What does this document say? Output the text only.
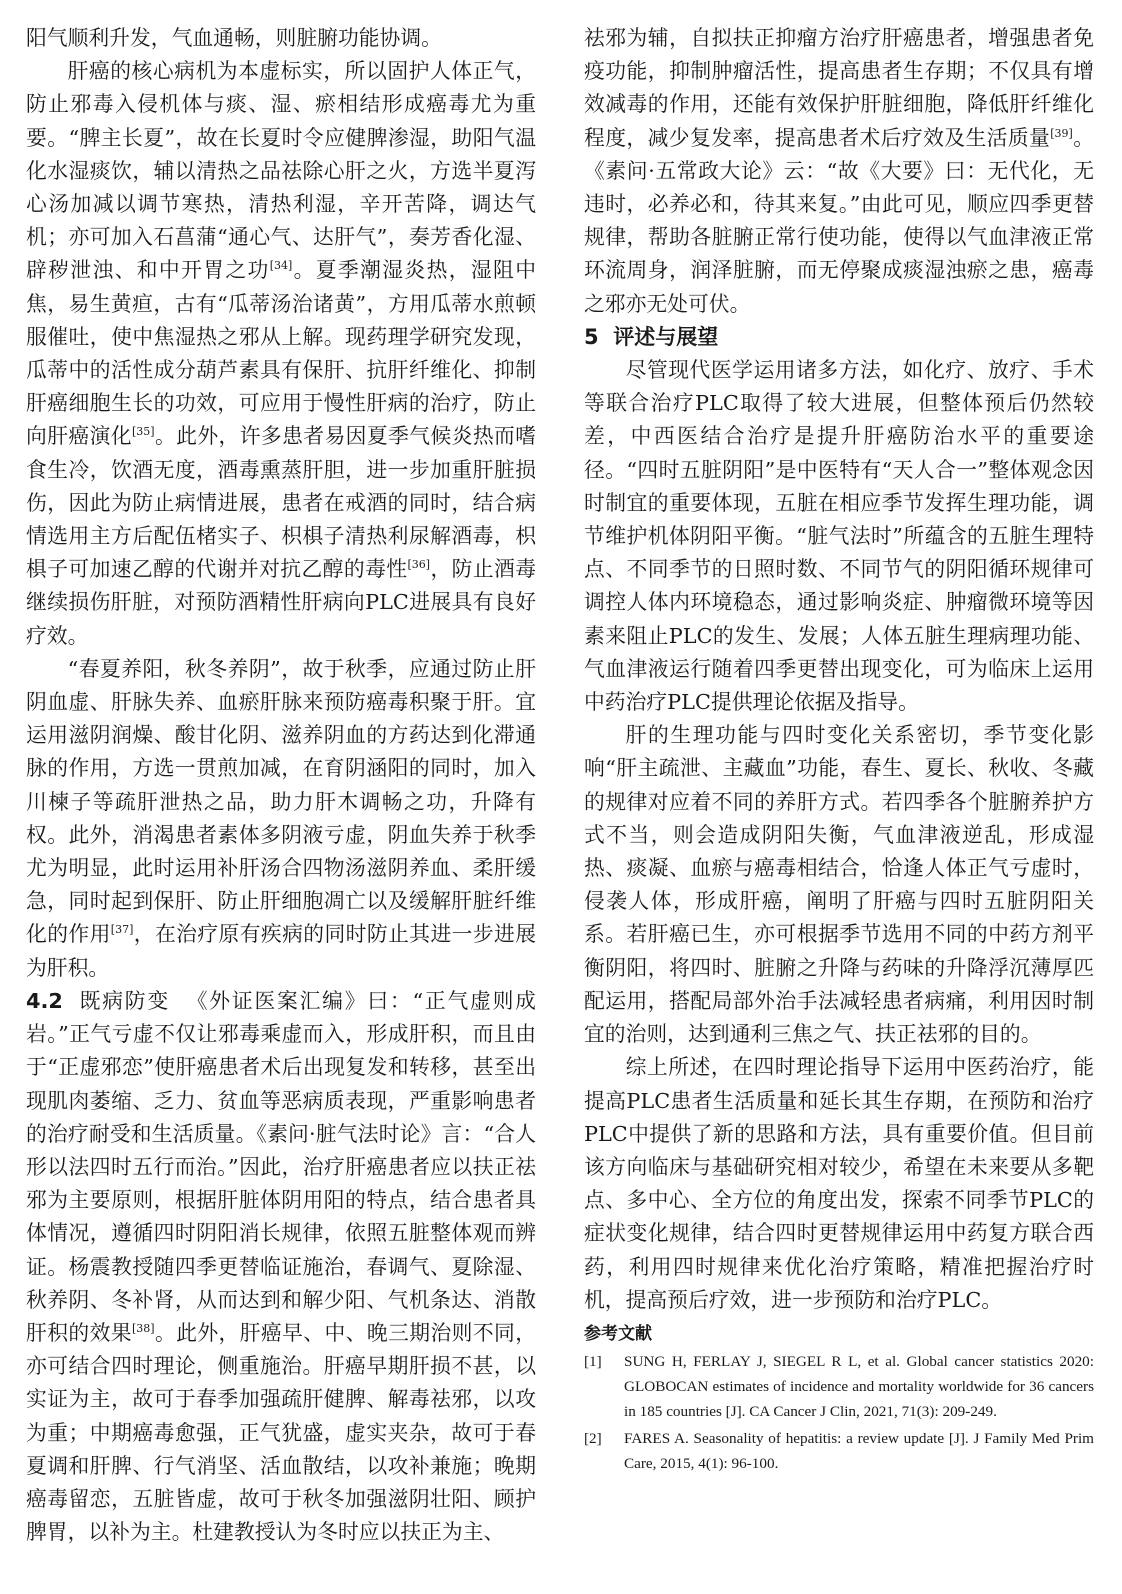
阳气顺利升发，气血通畅，则脏腑功能协调。

肝癌的核心病机为本虚标实，所以固护人体正气，防止邪毒入侵机体与痰、湿、瘀相结形成癌毒尤为重要。“脾主长夏”，故在长夏时令应健脾渗湿，助阳气温化水湿痰饮，辅以清热之品祛除心肝之火，方选半夏泻心汤加减以调节寒热，清热利湿，辛开苦降，调达气机；亦可加入石菖蒲“通心气、达肝气”，奏芳香化湿、辟秽泄浊、和中开胃之功[34]。夏季潮湿炎热，湿阻中焦，易生黄疸，古有“瓜蒂汤治诸黄”，方用瓜蒂水煎顿服催吐，使中焦湿热之邪从上解。现药理学研究发现，瓜蒂中的活性成分葫芦素具有保肝、抗肝纤维化、抑制肝癌细胞生长的功效，可应用于慢性肝病的治疗，防止向肝癌演化[35]。此外，许多患者易因夏季气候炎热而嗜食生冷，饮酒无度，酒毒熏蒸肝胆，进一步加重肝脏损伤，因此为防止病情进展，患者在戒酒的同时，结合病情选用主方后配伍楮实子、枳椇子清热利尿解酒毒，枳椇子可加速乙醇的代谢并对抗乙醇的毒性[36]，防止酒毒继续损伤肝脏，对预防酒精性肝病向PLC进展具有良好疗效。

“春夏养阳，秋冬养阴”，故于秋季，应通过防止肝阴血虚、肝脉失养、血瘀肝脉来预防癌毒积聚于肝。宜运用滋阴润燥、酸甘化阴、滋养阴血的方药达到化滞通脉的作用，方选一贯煎加减，在育阴涵阳的同时，加入川楝子等疏肝泄热之品，助力肝木调畅之功，升降有权。此外，消渴患者素体多阴液亏虚，阴血失养于秋季尤为明显，此时运用补肝汤合四物汤滋阴养血、柔肝缓急，同时起到保肝、防止肝细胞凋亡以及缓解肝脏纤维化的作用[37]，在治疗原有疾病的同时防止其进一步进展为肝积。

4.2 既病防变 《外证医案汇编》曰：“正气虚则成岩。”正气亏虚不仅让邪毒乘虚而入，形成肝积，而且由于“正虚邪恋”使肝癌患者术后出现复发和转移，甚至出现肌肉萎缩、乏力、贫血等恶病质表现，严重影响患者的治疗耐受和生活质量。《素问·脏气法时论》言：“合人形以法四时五行而治。”因此，治疗肝癌患者应以扶正祛邪为主要原则，根据肝脏体阴用阳的特点，结合患者具体情况，遵循四时阴阳消长规律，依照五脏整体观而辨证。杨震教授随四季更替临证施治，春调气、夏除湿、秋养阴、冬补肾，从而达到和解少阳、气机条达、消散肝积的效果[38]。此外，肝癌早、中、晚三期治则不同，亦可结合四时理论，侧重施治。肝癌早期肝损不甚，以实证为主，故可于春季加强疏肝健脾、解毒祛邪，以攻为重；中期癌毒愈强，正气犹盛，虚实夹杂，故可于春夏调和肝脾、行气消坚、活血散结，以攻补兼施；晚期癌毒留恋，五脏皆虚，故可于秋冬加强滋阴壮阳、顾护脾胃，以补为主。杜建教授认为冬时应以扶正为主、

祛邪为辅，自拟扶正抑瘤方治疗肝癌患者，增强患者免疫功能，抑制肿瘤活性，提高患者生存期；不仅具有增效减毒的作用，还能有效保护肝脏细胞，降低肝纤维化程度，减少复发率，提高患者术后疗效及生活质量[39]。《素问·五常政大论》云：“故《大要》曰：无代化，无违时，必养必和，待其来复。”由此可见，顺应四季更替规律，帮助各脏腑正常行使功能，使得以气血津液正常环流周身，润泽脏腑，而无停聚成痰湿浊瘀之患，癌毒之邪亦无处可伏。

5 评述与展望

尽管现代医学运用诸多方法，如化疗、放疗、手术等联合治疗PLC取得了较大进展，但整体预后仍然较差，中西医结合治疗是提升肝癌防治水平的重要途径。“四时五脏阴阳”是中医特有“天人合一”整体观念因时制宜的重要体现，五脏在相应季节发挥生理功能，调节维护机体阴阳平衡。“脏气法时”所蕴含的五脏生理特点、不同季节的日照时数、不同节气的阴阳循环规律可调控人体内环境稳态，通过影响炎症、肿瘤微环境等因素来阻止PLC的发生、发展；人体五脏生理病理功能、气血津液运行随着四季更替出现变化，可为临床上运用中药治疗PLC提供理论依据及指导。

肝的生理功能与四时变化关系密切，季节变化影响“肝主疏泄、主藏血”功能，春生、夏长、秋收、冬藏的规律对应着不同的养肝方式。若四季各个脏腑养护方式不当，则会造成阴阳失衡，气血津液逆乱，形成湿热、痰凝、血瘀与癌毒相结合，恰逢人体正气亏虚时，侵袭人体，形成肝癌，阐明了肝癌与四时五脏阴阳关系。若肝癌已生，亦可根据季节选用不同的中药方剂平衡阴阳，将四时、脏腑之升降与药味的升降浮沉薄厚匹配运用，搭配局部外治手法减轻患者病痛，利用因时制宜的治则，达到通利三焦之气、扶正祛邪的目的。

综上所述，在四时理论指导下运用中医药治疗，能提高PLC患者生活质量和延长其生存期，在预防和治疗PLC中提供了新的思路和方法，具有重要价值。但目前该方向临床与基础研究相对较少，希望在未来要从多靶点、多中心、全方位的角度出发，探索不同季节PLC的症状变化规律，结合四时更替规律运用中药复方联合西药，利用四时规律来优化治疗策略，精准把握治疗时机，提高预后疗效，进一步预防和治疗PLC。

参考文献
[1]	SUNG H, FERLAY J, SIEGEL R L, et al. Global cancer statistics 2020: GLOBOCAN estimates of incidence and mortality worldwide for 36 cancers in 185 countries [J]. CA Cancer J Clin, 2021, 71(3): 209-249.
[2]	FARES A. Seasonality of hepatitis: a review update [J]. J Family Med Prim Care, 2015, 4(1): 96-100.
